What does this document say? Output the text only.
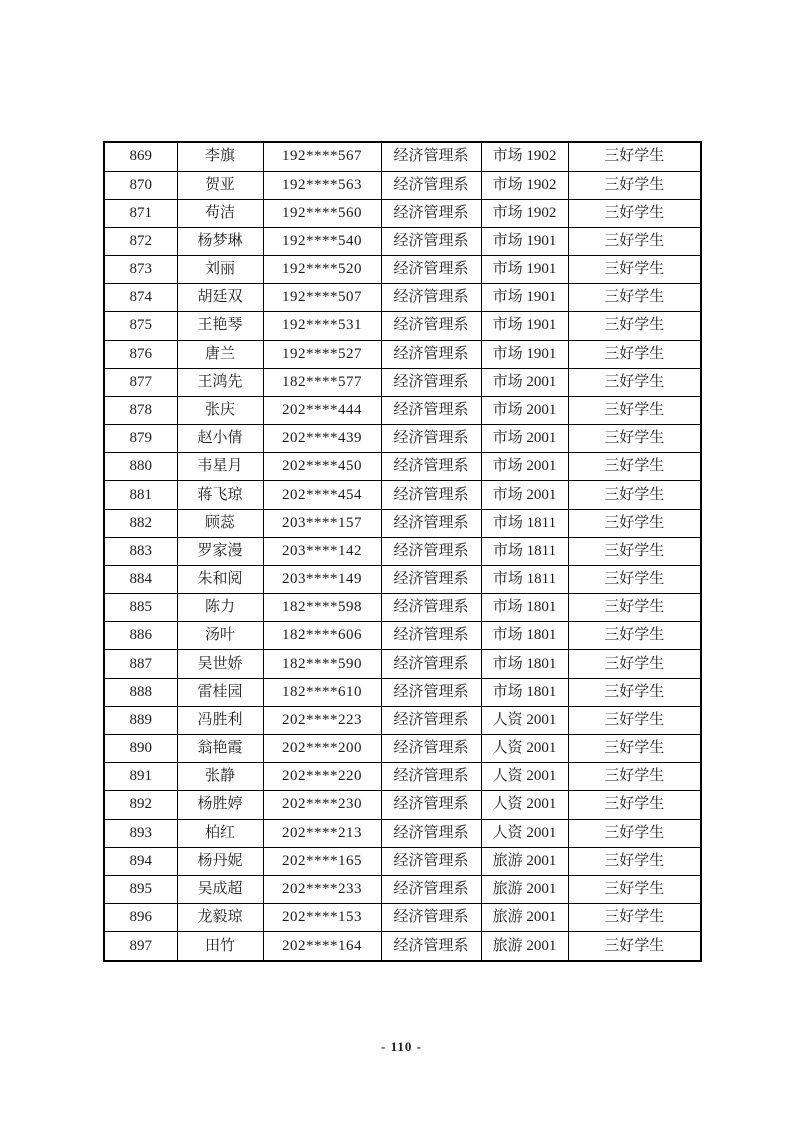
869	李旗	192****567	经济管理系	市场 1902	三好学生
870	贺亚	192****563	经济管理系	市场 1902	三好学生
871	苟洁	192****560	经济管理系	市场 1902	三好学生
872	杨梦琳	192****540	经济管理系	市场 1901	三好学生
873	刘丽	192****520	经济管理系	市场 1901	三好学生
874	胡廷双	192****507	经济管理系	市场 1901	三好学生
875	王艳琴	192****531	经济管理系	市场 1901	三好学生
876	唐兰	192****527	经济管理系	市场 1901	三好学生
877	王鸿先	182****577	经济管理系	市场 2001	三好学生
878	张庆	202****444	经济管理系	市场 2001	三好学生
879	赵小倩	202****439	经济管理系	市场 2001	三好学生
880	韦星月	202****450	经济管理系	市场 2001	三好学生
881	蒋飞琼	202****454	经济管理系	市场 2001	三好学生
882	顾蕊	203****157	经济管理系	市场 1811	三好学生
883	罗家漫	203****142	经济管理系	市场 1811	三好学生
884	朱和阅	203****149	经济管理系	市场 1811	三好学生
885	陈力	182****598	经济管理系	市场 1801	三好学生
886	汤叶	182****606	经济管理系	市场 1801	三好学生
887	吴世娇	182****590	经济管理系	市场 1801	三好学生
888	雷桂园	182****610	经济管理系	市场 1801	三好学生
889	冯胜利	202****223	经济管理系	人资 2001	三好学生
890	翁艳霞	202****200	经济管理系	人资 2001	三好学生
891	张静	202****220	经济管理系	人资 2001	三好学生
892	杨胜婷	202****230	经济管理系	人资 2001	三好学生
893	柏红	202****213	经济管理系	人资 2001	三好学生
894	杨丹妮	202****165	经济管理系	旅游 2001	三好学生
895	吴成超	202****233	经济管理系	旅游 2001	三好学生
896	龙毅琼	202****153	经济管理系	旅游 2001	三好学生
897	田竹	202****164	经济管理系	旅游 2001	三好学生
- 110 -
